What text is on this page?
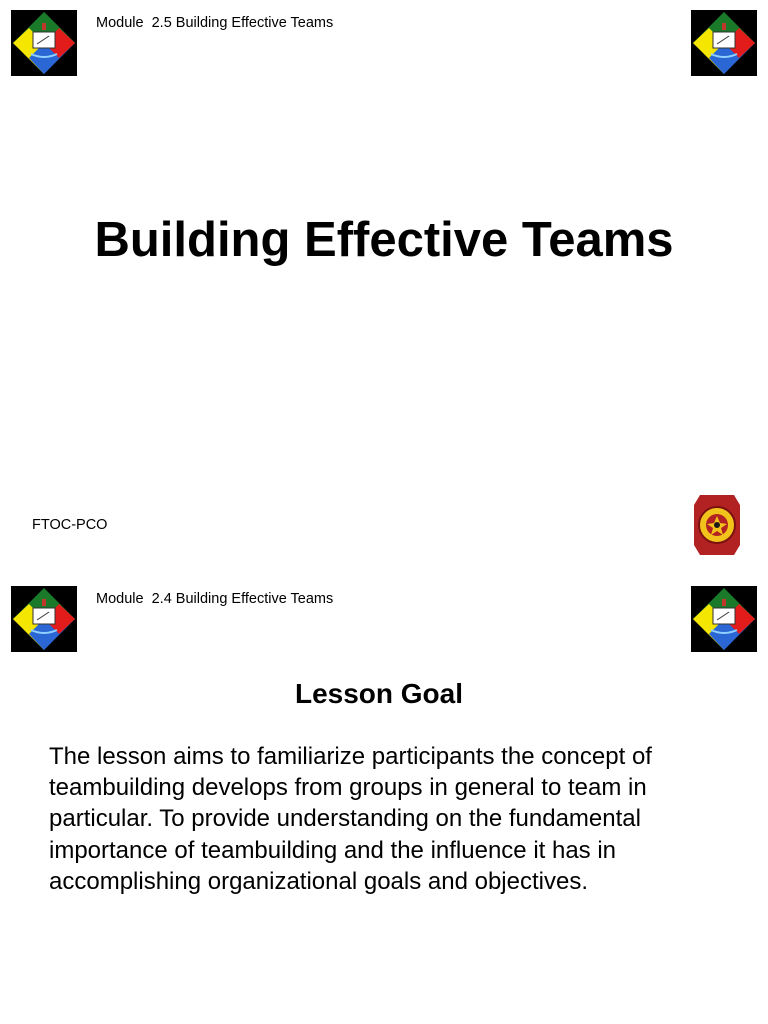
Module  2.5 Building Effective Teams
Building Effective Teams
FTOC-PCO
Module  2.4 Building Effective Teams
Lesson Goal
The lesson aims to familiarize participants the concept of teambuilding develops from groups in general to team in particular. To provide understanding on the fundamental importance of teambuilding and the influence it has in accomplishing organizational goals and objectives.
